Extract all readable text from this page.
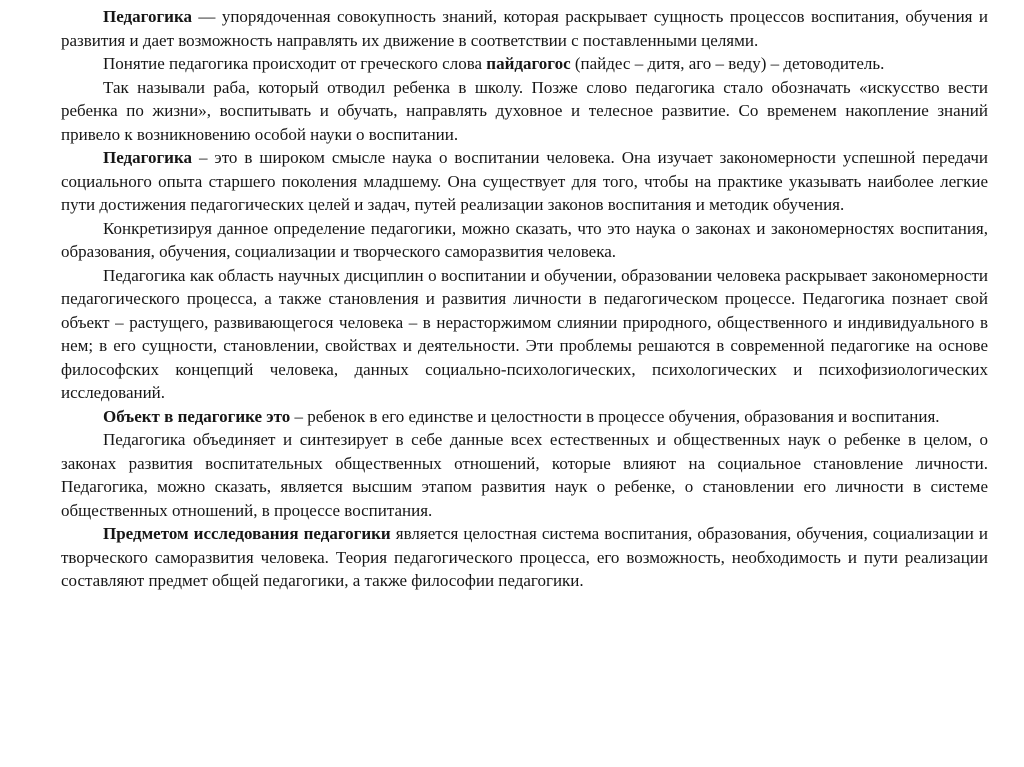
Педагогика — упорядоченная совокупность знаний, которая раскрывает сущность процессов воспитания, обучения и развития и дает возможность направлять их движение в соответствии с поставленными целями.

Понятие педагогика происходит от греческого слова пайдагогос (пайдес – дитя, аго – веду) – детоводитель.

Так называли раба, который отводил ребенка в школу. Позже слово педагогика стало обозначать «искусство вести ребенка по жизни», воспитывать и обучать, направлять духовное и телесное развитие. Со временем накопление знаний привело к возникновению особой науки о воспитании.

Педагогика – это в широком смысле наука о воспитании человека. Она изучает закономерности успешной передачи социального опыта старшего поколения младшему. Она существует для того, чтобы на практике указывать наиболее легкие пути достижения педагогических целей и задач, путей реализации законов воспитания и методик обучения.

Конкретизируя данное определение педагогики, можно сказать, что это наука о законах и закономерностях воспитания, образования, обучения, социализации и творческого саморазвития человека.

Педагогика как область научных дисциплин о воспитании и обучении, образовании человека раскрывает закономерности педагогического процесса, а также становления и развития личности в педагогическом процессе. Педагогика познает свой объект – растущего, развивающегося человека – в нерасторжимом слиянии природного, общественного и индивидуального в нем; в его сущности, становлении, свойствах и деятельности. Эти проблемы решаются в современной педагогике на основе философских концепций человека, данных социально-психологических, психологических и психофизиологических исследований.

Объект в педагогике это – ребенок в его единстве и целостности в процессе обучения, образования и воспитания.

Педагогика объединяет и синтезирует в себе данные всех естественных и общественных наук о ребенке в целом, о законах развития воспитательных общественных отношений, которые влияют на социальное становление личности. Педагогика, можно сказать, является высшим этапом развития наук о ребенке, о становлении его личности в системе общественных отношений, в процессе воспитания.

Предметом исследования педагогики является целостная система воспитания, образования, обучения, социализации и творческого саморазвития человека. Теория педагогического процесса, его возможность, необходимость и пути реализации составляют предмет общей педагогики, а также философии педагогики.
